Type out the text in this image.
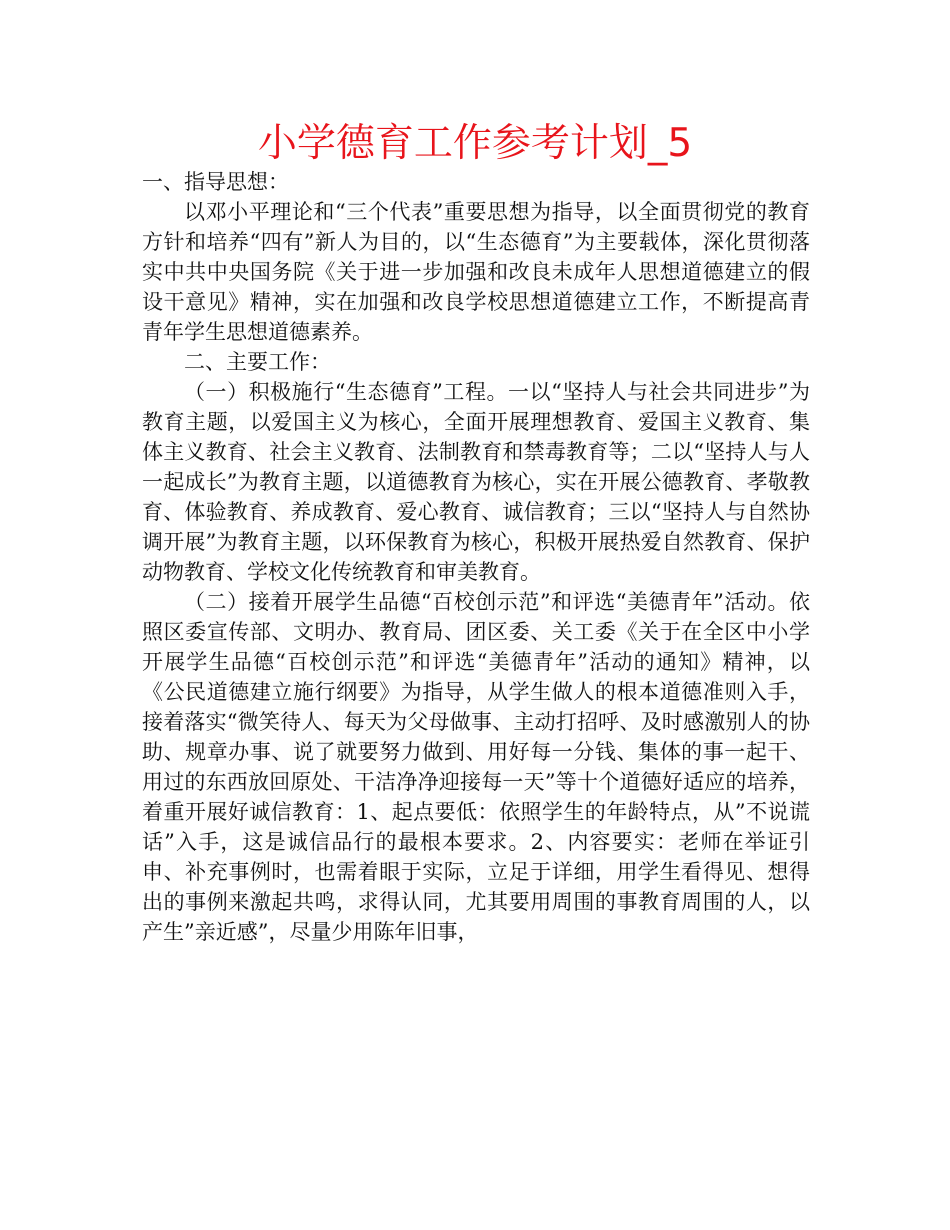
小学德育工作参考计划_5

一、指导思想：

以邓小平理论和“三个代表”重要思想为指导，以全面贯彻党的教育方针和培养“四有”新人为目的，以“生态德育”为主要载体，深化贯彻落实中共中央国务院《关于进一步加强和改良未成年人思想道德建立的假设干意见》精神，实在加强和改良学校思想道德建立工作，不断提高青青年学生思想道德素养。

二、主要工作：

（一）积极施行“生态德育”工程。一以“坚持人与社会共同进步”为教育主题，以爱国主义为核心，全面开展理想教育、爱国主义教育、集体主义教育、社会主义教育、法制教育和禁毒教育等；二以“坚持人与人一起成长”为教育主题，以道德教育为核心，实在开展公德教育、孝敬教育、体验教育、养成教育、爱心教育、诚信教育；三以“坚持人与自然协调开展”为教育主题，以环保教育为核心，积极开展热爱自然教育、保护动物教育、学校文化传统教育和审美教育。

（二）接着开展学生品德“百校创示范”和评选“美德青年”活动。依照区委宣传部、文明办、教育局、团区委、关工委《关于在全区中小学开展学生品德“百校创示范”和评选“美德青年”活动的通知》精神，以《公民道德建立施行纲要》为指导，从学生做人的根本道德准则入手，接着落实“微笑待人、每天为父母做事、主动打招呼、及时感激别人的协助、规章办事、说了就要努力做到、用好每一分钱、集体的事一起干、用过的东西放回原处、干洁净净迎接每一天”等十个道德好适应的培养，着重开展好诚信教育：1、起点要低：依照学生的年龄特点，从”不说谎话”入手，这是诚信品行的最根本要求。2、内容要实：老师在举证引申、补充事例时，也需着眼于实际，立足于详细，用学生看得见、想得出的事例来激起共鸣，求得认同，尤其要用周围的事教育周围的人，以产生”亲近感”，尽量少用陈年旧事，
